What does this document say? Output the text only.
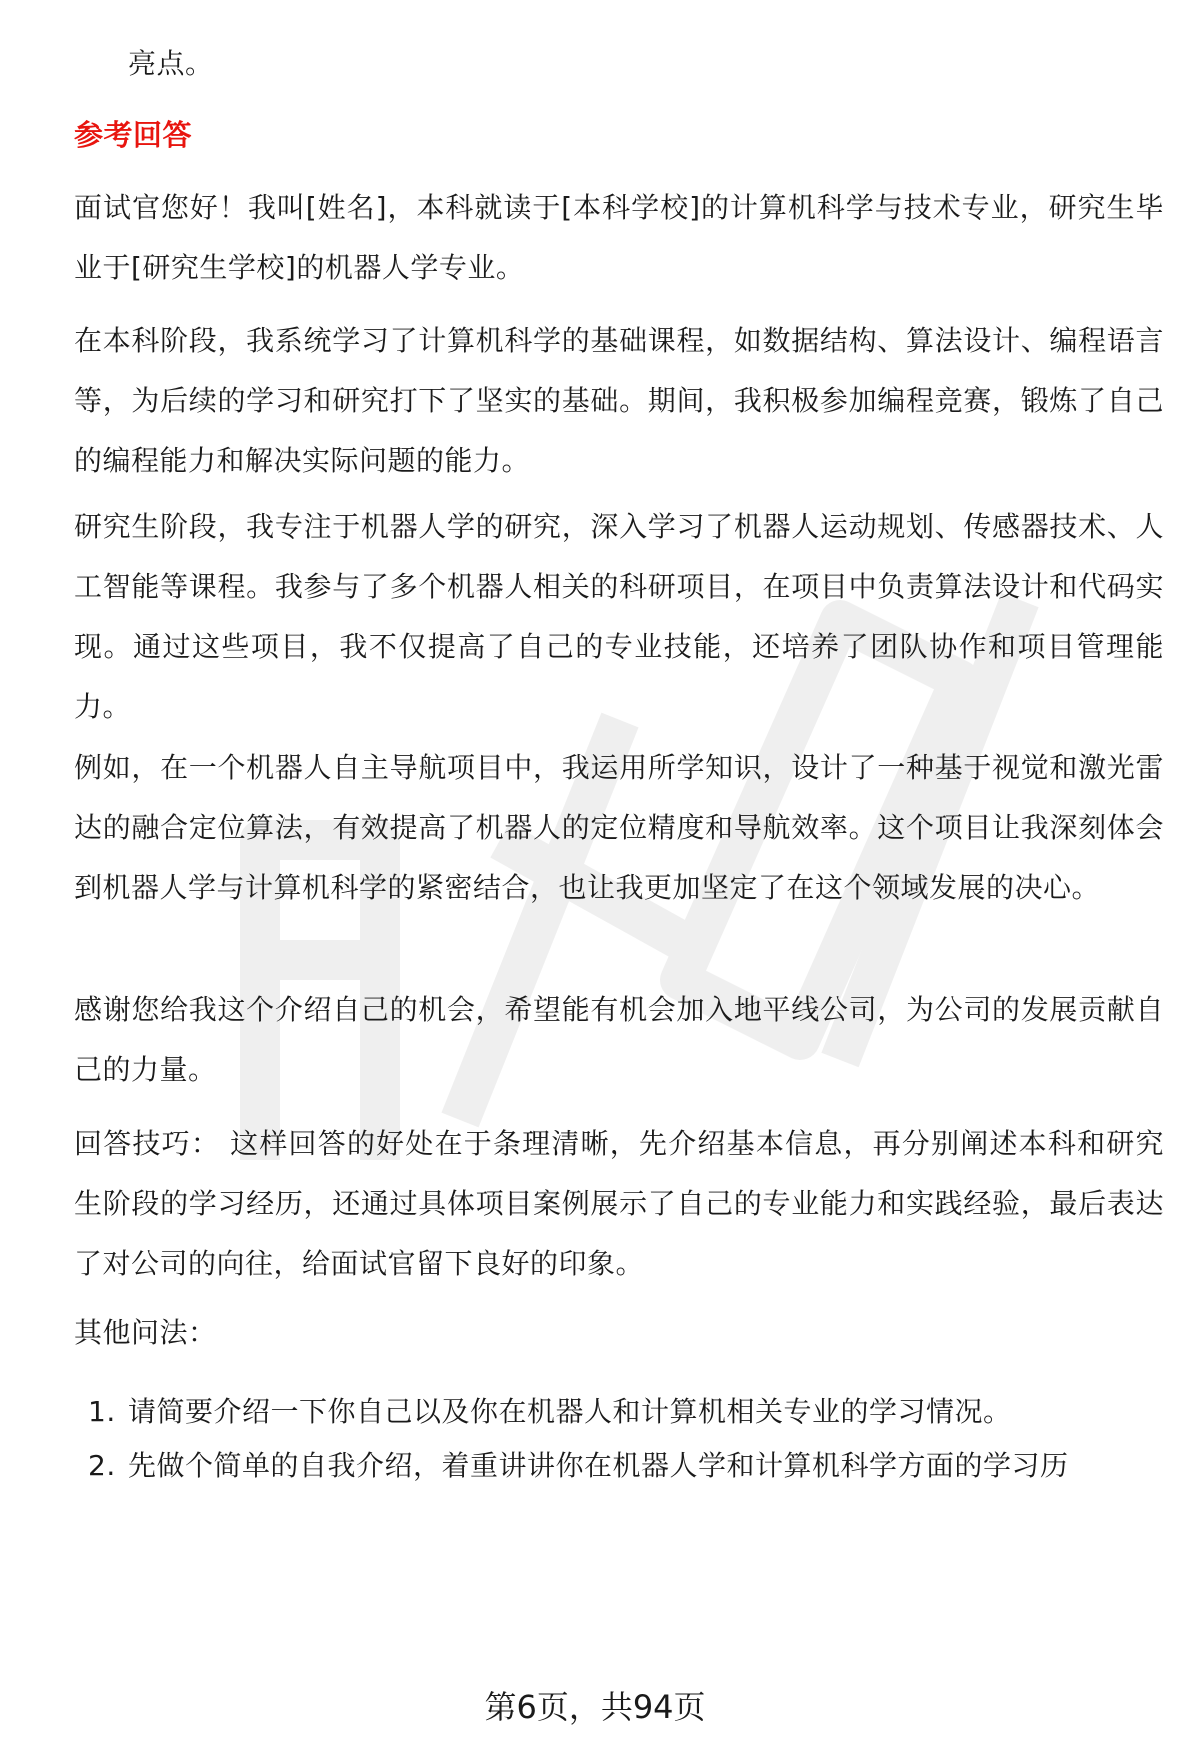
亮点。

参考回答

面试官您好！我叫[姓名]，本科就读于[本科学校]的计算机科学与技术专业，研究生毕业于[研究生学校]的机器人学专业。

在本科阶段，我系统学习了计算机科学的基础课程，如数据结构、算法设计、编程语言等，为后续的学习和研究打下了坚实的基础。期间，我积极参加编程竞赛，锻炼了自己的编程能力和解决实际问题的能力。

研究生阶段，我专注于机器人学的研究，深入学习了机器人运动规划、传感器技术、人工智能等课程。我参与了多个机器人相关的科研项目，在项目中负责算法设计和代码实现。通过这些项目，我不仅提高了自己的专业技能，还培养了团队协作和项目管理能力。

例如，在一个机器人自主导航项目中，我运用所学知识，设计了一种基于视觉和激光雷达的融合定位算法，有效提高了机器人的定位精度和导航效率。这个项目让我深刻体会到机器人学与计算机科学的紧密结合，也让我更加坚定了在这个领域发展的决心。

感谢您给我这个介绍自己的机会，希望能有机会加入地平线公司，为公司的发展贡献自己的力量。

回答技巧： 这样回答的好处在于条理清晰，先介绍基本信息，再分别阐述本科和研究生阶段的学习经历，还通过具体项目案例展示了自己的专业能力和实践经验，最后表达了对公司的向往，给面试官留下良好的印象。

其他问法：

1. 请简要介绍一下你自己以及你在机器人和计算机相关专业的学习情况。

2. 先做个简单的自我介绍，着重讲讲你在机器人学和计算机科学方面的学习历

第6页，共94页
